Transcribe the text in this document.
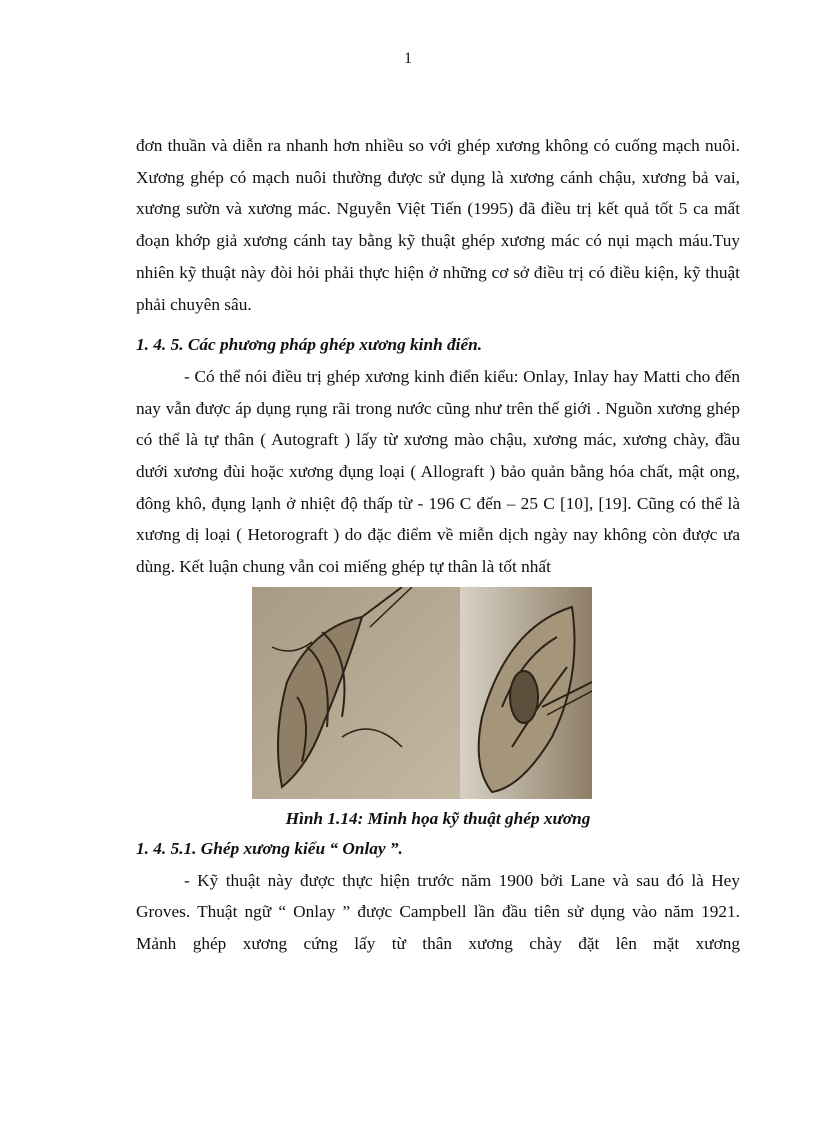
1

đơn thuần và diễn ra nhanh hơn nhiều so với ghép xương không có cuống mạch nuôi. Xương ghép có mạch nuôi thường được sử dụng là xương cánh chậu, xương bả vai, xương sườn và xương mác. Nguyễn Việt Tiến (1995) đã điều trị kết quả tốt 5 ca mất đoạn khớp giả xương cánh tay bằng kỹ thuật ghép xương mác có nụi mạch máu.Tuy nhiên kỹ thuật này đòi hỏi phải thực hiện ở những cơ sở điều trị có điều kiện, kỹ thuật phải chuyên sâu.

1. 4. 5. Các phương pháp ghép xương kinh điển.

- Có thể nói điều trị ghép xương kinh điển kiểu: Onlay, Inlay hay Matti cho đến nay vẫn được áp dụng rụng rãi trong nước cũng như trên thế giới . Nguồn xương ghép có thể là tự thân ( Autograft ) lấy từ xương mào chậu, xương mác, xương chày, đầu dưới xương đùi hoặc xương đụng loại ( Allograft ) bảo quản bằng hóa chất, mật ong, đông khô, đụng lạnh ở nhiệt độ thấp từ - 196 C đến – 25 C [10], [19]. Cũng có thể là xương dị loại ( Hetorograft ) do đặc điểm về miễn dịch ngày nay không còn được ưa dùng. Kết luận chung vẫn coi miếng ghép tự thân là tốt nhất

Hình 1.14: Minh họa kỹ thuật ghép xương
1. 4. 5.1. Ghép xương kiểu “ Onlay ”.

- Kỹ thuật này được thực hiện trước năm 1900 bởi Lane và sau đó là Hey Groves. Thuật ngữ “ Onlay ” được Campbell lần đầu tiên sử dụng vào năm 1921. Mảnh ghép xương cứng lấy từ thân xương chày đặt lên mặt xương
